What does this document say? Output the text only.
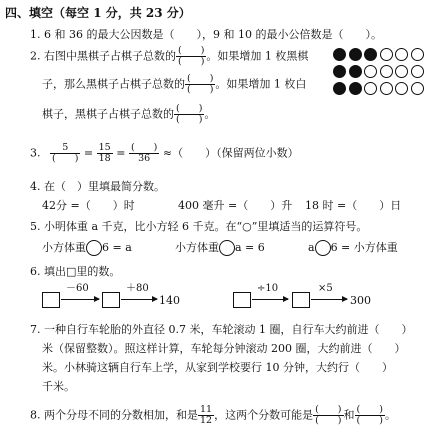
四、填空（每空 1 分，共 23 分）
1. 6 和 36 的最大公因数是（　　），9 和 10 的最小公倍数是（　　）。
2. 右图中黑棋子占棋子总数的 $\frac{( )}{( )}$ 。如果增加 1 枚黑棋
子，那么黑棋子占棋子总数的 $\frac{( )}{( )}$ 。如果增加 1 枚白
棋子，黑棋子占棋子总数的 $\frac{( )}{( )}$ 。
3. $\frac{5}{( )} = \frac{15}{18} = \frac{( )}{36}$ ≈（　　）（保留两位小数）
4. 在（　）里填最简分数。
42分 =（　　）时	400 毫升 =（　　）升 18 时 =（　　）日
5. 小明体重 a 千克，比小方轻 6 千克。在“○”里填适当的运算符号。
小方体重 6 = a	小方体重 a = 6	a 6 = 小方体重
6. 填出□里的数。
－60	＋80
140
÷10	×5
300
7. 一种自行车轮胎的外直径 0.7 米，车轮滚动 1 圈，自行车大约前进（　　）
米（保留整数）。照这样计算，车轮每分钟滚动 200 圈，大约前进（　　）
米。小林骑这辆自行车上学，从家到学校要行 10 分钟，大约行（　　）
千米。
8. 两个分母不同的分数相加，和是 $\frac{11}{12}$ ，这两个分数可能是 $\frac{( )}{( )}$ 和 $\frac{( )}{( )}$ 。
